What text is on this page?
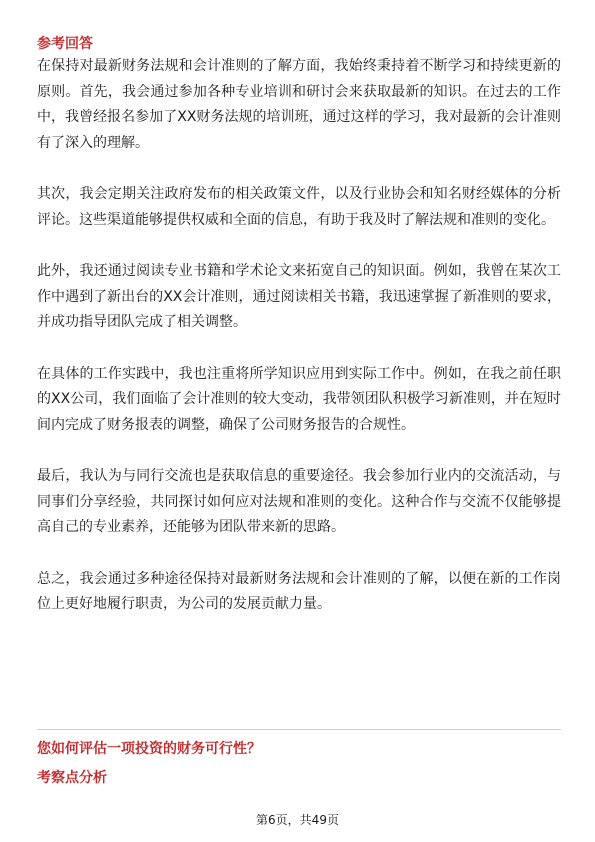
参考回答

在保持对最新财务法规和会计准则的了解方面，我始终秉持着不断学习和持续更新的原则。首先，我会通过参加各种专业培训和研讨会来获取最新的知识。在过去的工作中，我曾经报名参加了XX财务法规的培训班，通过这样的学习，我对最新的会计准则有了深入的理解。

其次，我会定期关注政府发布的相关政策文件，以及行业协会和知名财经媒体的分析评论。这些渠道能够提供权威和全面的信息，有助于我及时了解法规和准则的变化。

此外，我还通过阅读专业书籍和学术论文来拓宽自己的知识面。例如，我曾在某次工作中遇到了新出台的XX会计准则，通过阅读相关书籍，我迅速掌握了新准则的要求，并成功指导团队完成了相关调整。

在具体的工作实践中，我也注重将所学知识应用到实际工作中。例如，在我之前任职的XX公司，我们面临了会计准则的较大变动，我带领团队积极学习新准则，并在短时间内完成了财务报表的调整，确保了公司财务报告的合规性。

最后，我认为与同行交流也是获取信息的重要途径。我会参加行业内的交流活动，与同事们分享经验，共同探讨如何应对法规和准则的变化。这种合作与交流不仅能够提高自己的专业素养，还能够为团队带来新的思路。

总之，我会通过多种途径保持对最新财务法规和会计准则的了解，以便在新的工作岗位上更好地履行职责，为公司的发展贡献力量。

您如何评估一项投资的财务可行性？

考察点分析

第6页，共49页
